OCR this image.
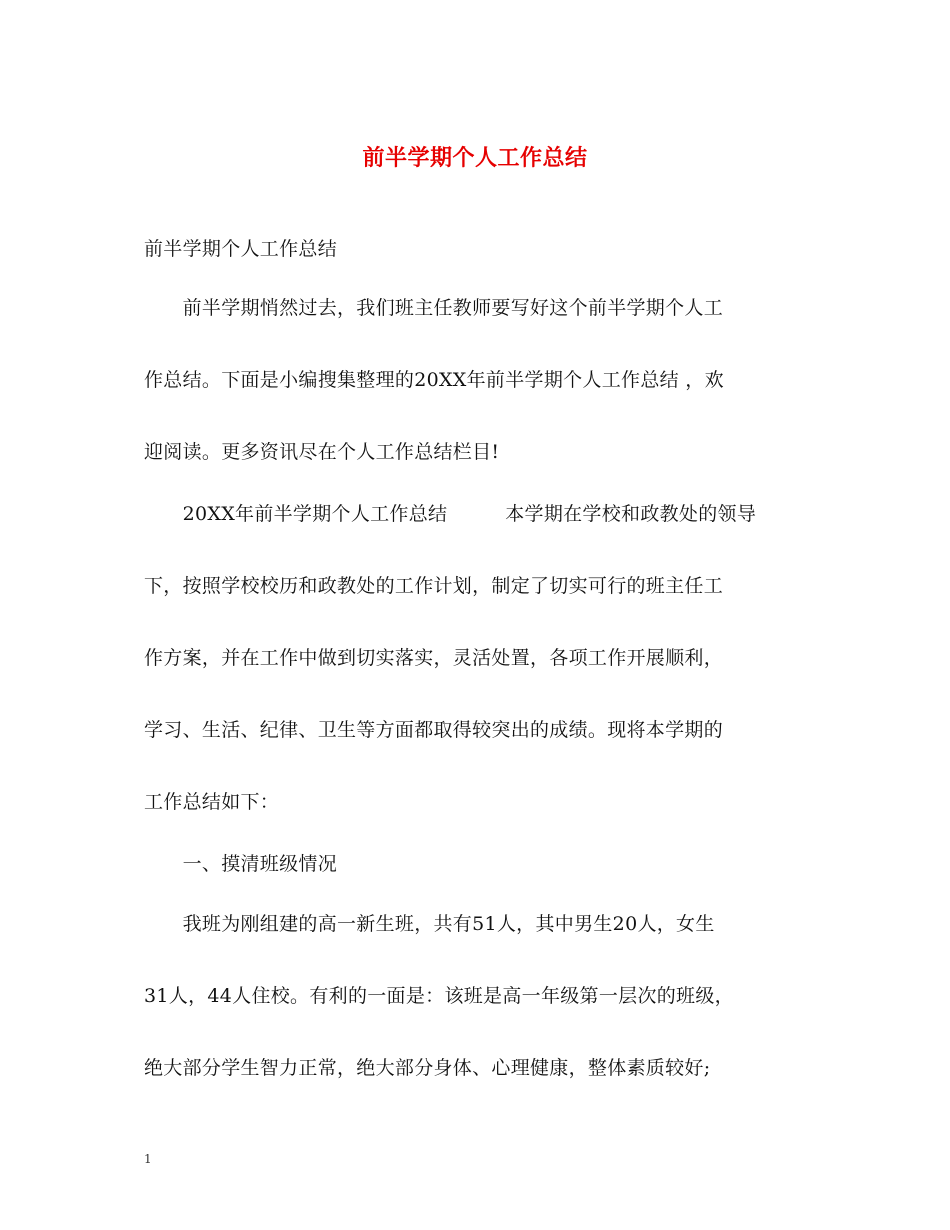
前半学期个人工作总结
前半学期个人工作总结
　　前半学期悄然过去，我们班主任教师要写好这个前半学期个人工
作总结。下面是小编搜集整理的20XX年前半学期个人工作总结 ，欢
迎阅读。更多资讯尽在个人工作总结栏目!
　　20XX年前半学期个人工作总结　　　本学期在学校和政教处的领导
下，按照学校校历和政教处的工作计划，制定了切实可行的班主任工
作方案，并在工作中做到切实落实，灵活处置，各项工作开展顺利，
学习、生活、纪律、卫生等方面都取得较突出的成绩。现将本学期的
工作总结如下：
　　一、摸清班级情况
　　我班为刚组建的高一新生班，共有51人，其中男生20人，女生
31人，44人住校。有利的一面是：该班是高一年级第一层次的班级，
绝大部分学生智力正常，绝大部分身体、心理健康，整体素质较好;
1
